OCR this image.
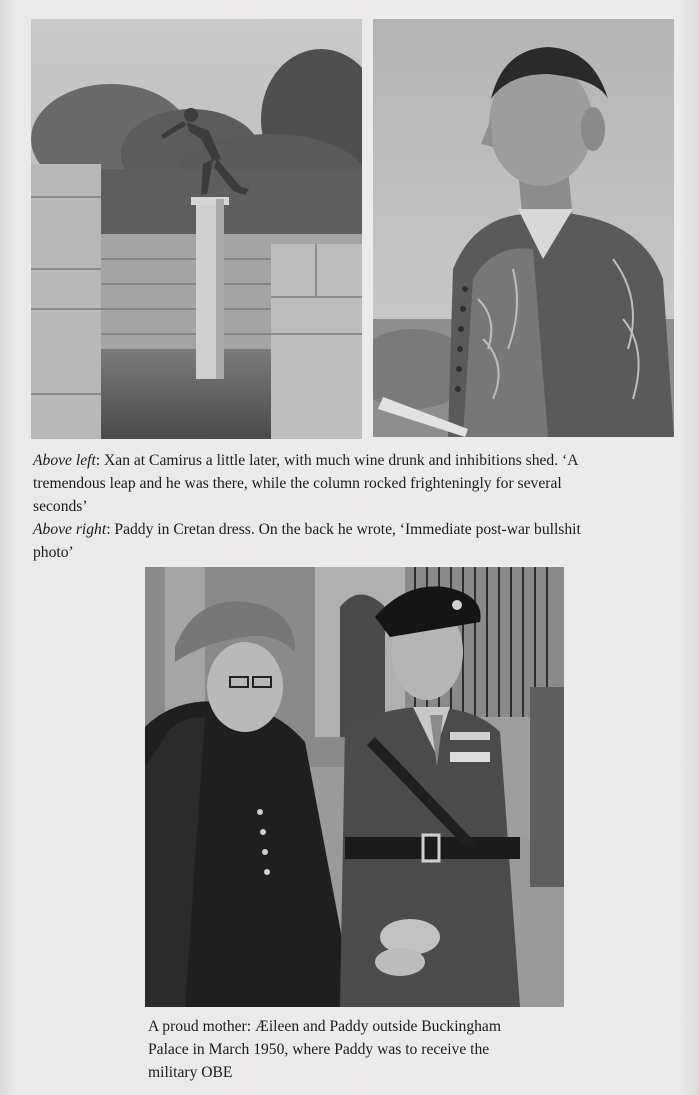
Above left: Xan at Camirus a little later, with much wine drunk and inhibitions shed. ‘A
tremendous leap and he was there, while the column rocked frighteningly for several
seconds’
Above right: Paddy in Cretan dress. On the back he wrote, ‘Immediate post-war bullshit
photo’
A proud mother: Æileen and Paddy outside Buckingham
Palace in March 1950, where Paddy was to receive the
military OBE
